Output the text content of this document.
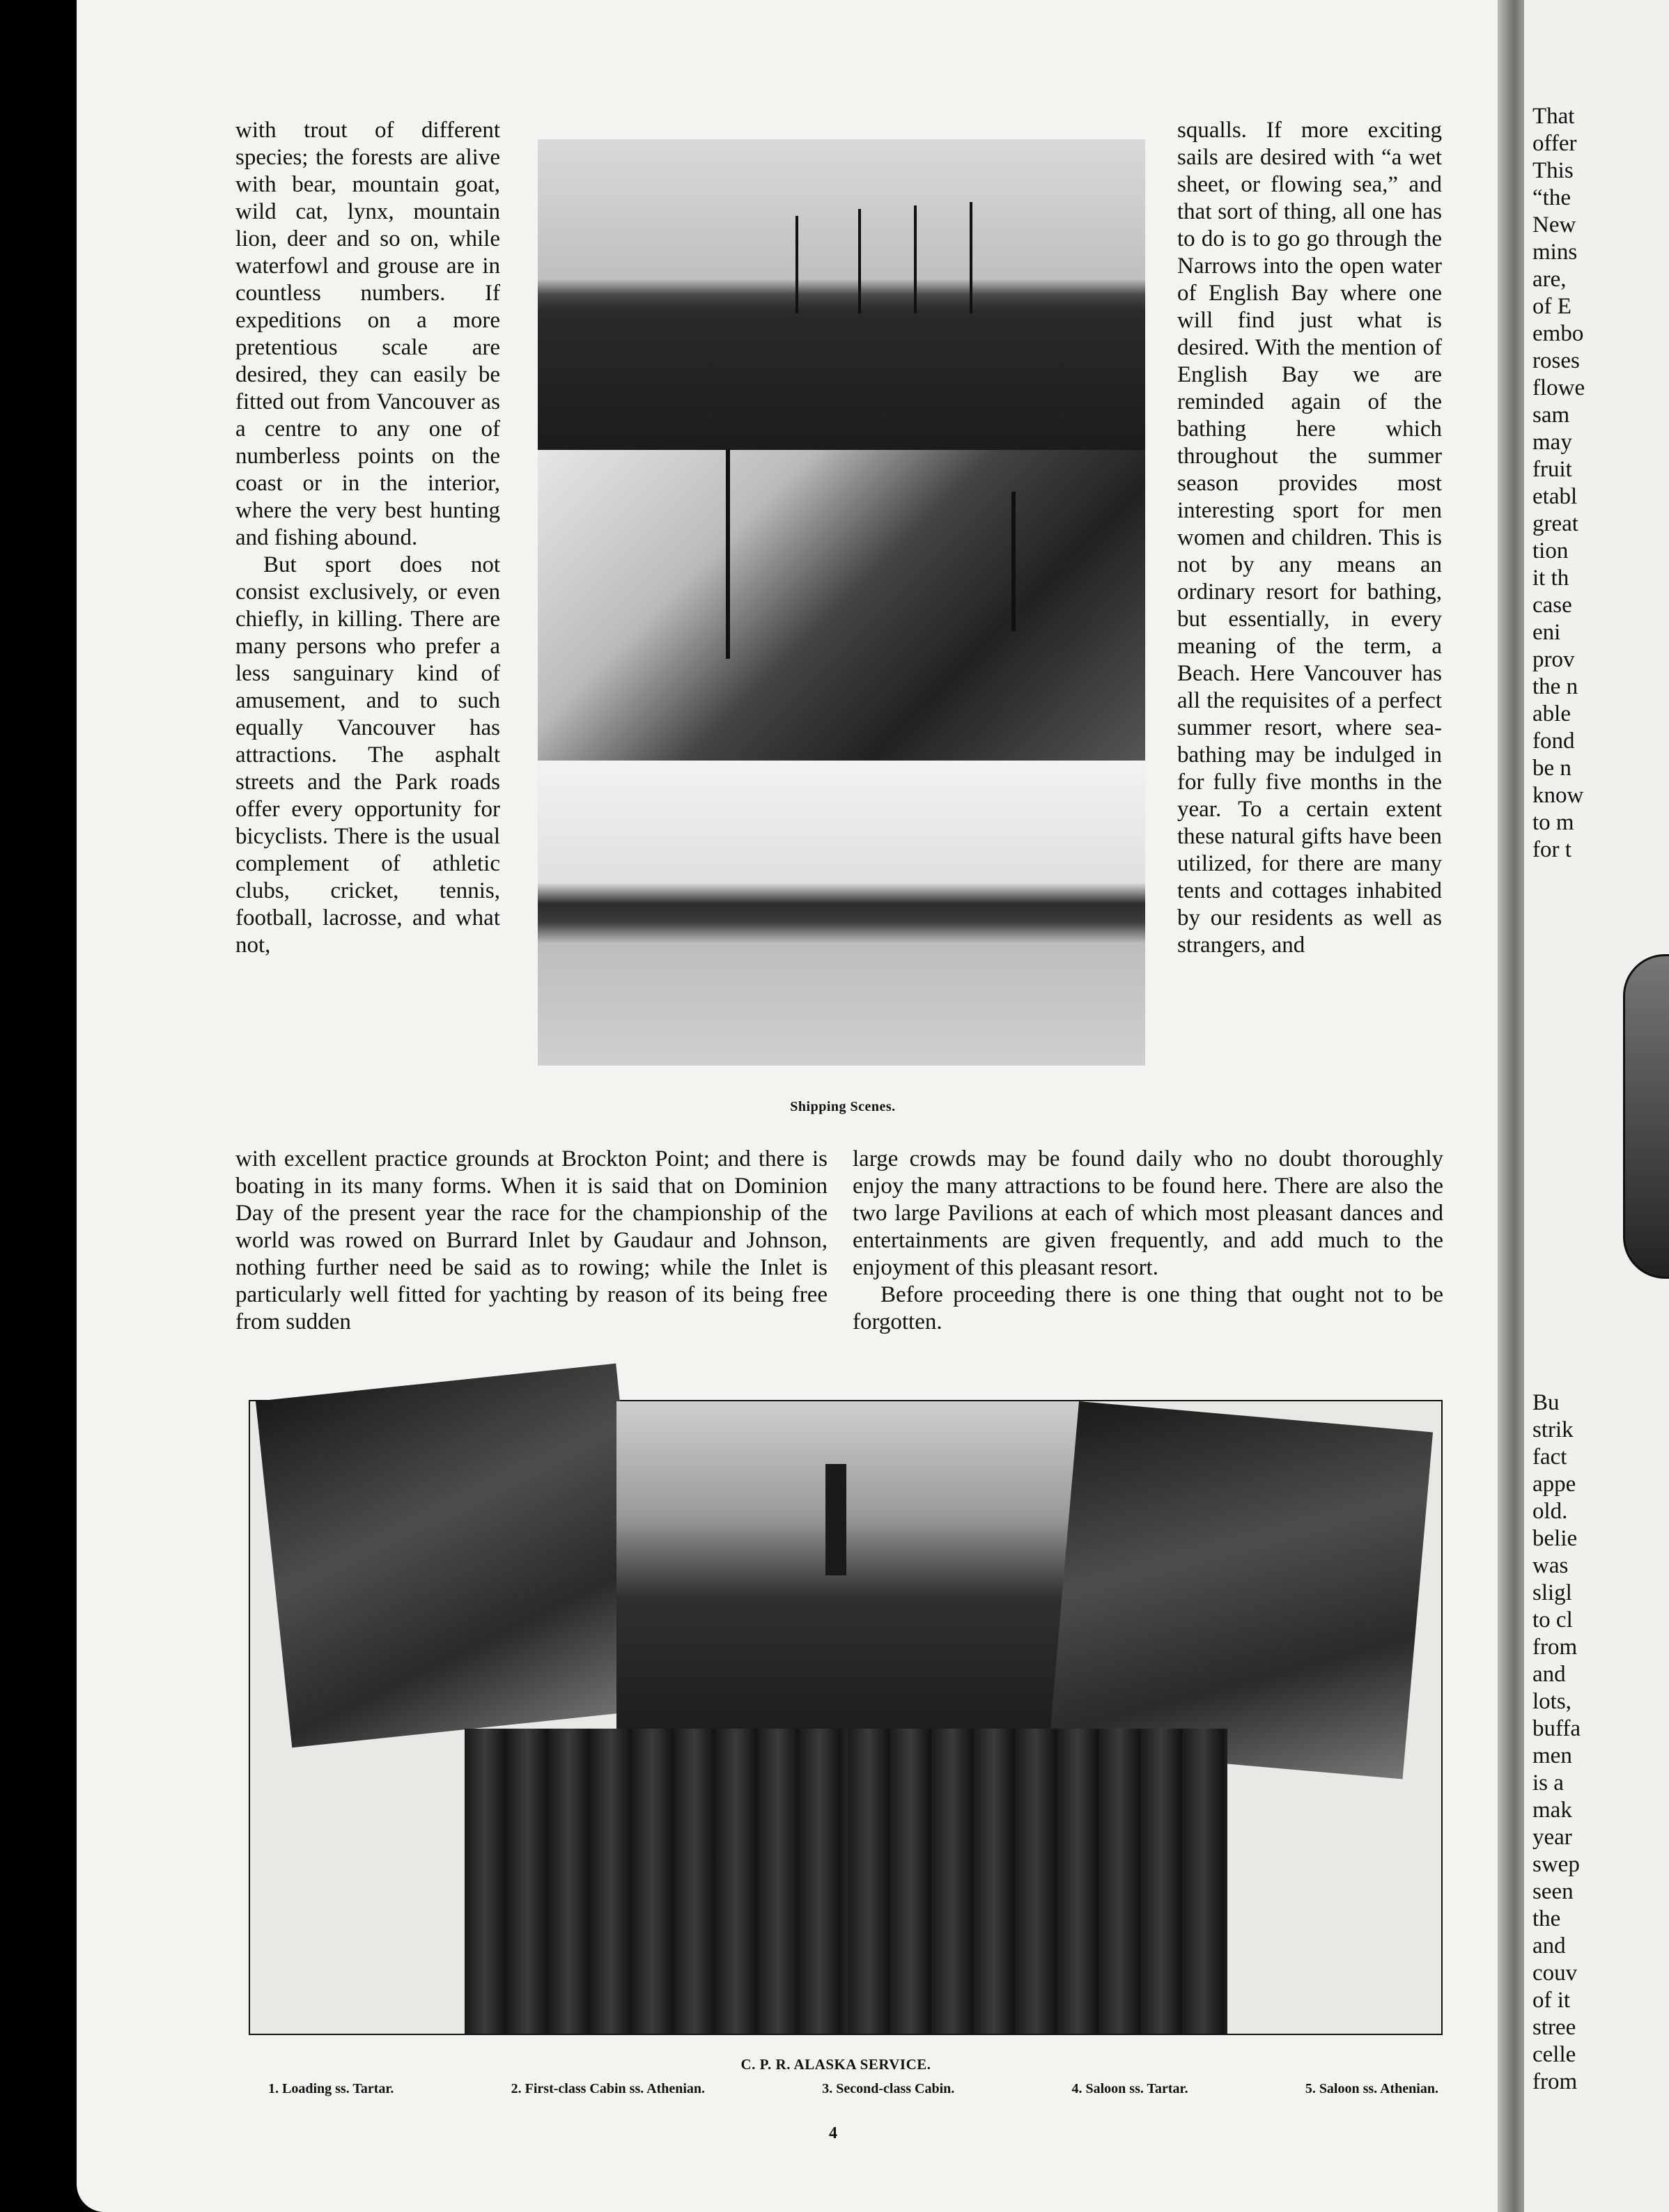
with trout of different species; the forests are alive with bear, mountain goat, wild cat, lynx, mountain lion, deer and so on, while waterfowl and grouse are in countless numbers. If expeditions on a more pretentious scale are desired, they can easily be fitted out from Vancouver as a centre to any one of numberless points on the coast or in the interior, where the very best hunting and fishing abound.

But sport does not consist exclusively, or even chiefly, in killing. There are many persons who prefer a less sanguinary kind of amusement, and to such equally Vancouver has attractions. The asphalt streets and the Park roads offer every opportunity for bicyclists. There is the usual complement of athletic clubs, cricket, tennis, football, lacrosse, and what not,

squalls. If more exciting sails are desired with “a wet sheet, or flowing sea,” and that sort of thing, all one has to do is to go go through the Narrows into the open water of English Bay where one will find just what is desired. With the mention of English Bay we are reminded again of the bathing here which throughout the summer season provides most interesting sport for men women and children. This is not by any means an ordinary resort for bathing, but essentially, in every meaning of the term, a Beach. Here Vancouver has all the requisites of a perfect summer resort, where sea-bathing may be indulged in for fully five months in the year. To a certain extent these natural gifts have been utilized, for there are many tents and cottages inhabited by our residents as well as strangers, and

Shipping Scenes.

with excellent practice grounds at Brockton Point; and there is boating in its many forms. When it is said that on Dominion Day of the present year the race for the championship of the world was rowed on Burrard Inlet by Gaudaur and Johnson, nothing further need be said as to rowing; while the Inlet is particularly well fitted for yachting by reason of its being free from sudden

large crowds may be found daily who no doubt thoroughly enjoy the many attractions to be found here. There are also the two large Pavilions at each of which most pleasant dances and entertainments are given frequently, and add much to the enjoyment of this pleasant resort.

Before proceeding there is one thing that ought not to be forgotten.

C. P. R. ALASKA SERVICE.
1. Loading ss. Tartar.	2. First-class Cabin ss. Athenian.	3. Second-class Cabin.	4. Saloon ss. Tartar.	5. Saloon ss. Athenian.
4
That
offer
This
“the
New
mins
are,
of E
embo
roses
flowe
sam
may
fruit
etabl
great
tion
it th
case
eni
prov
the n
able
fond
be n
know
to m
for t
Bu
strik
fact
appe
old.
belie
was
sligl
to cl
from
and
lots,
buffa
men
is a
mak
year
swep
seen
the
and
couv
of it
stree
celle
from
